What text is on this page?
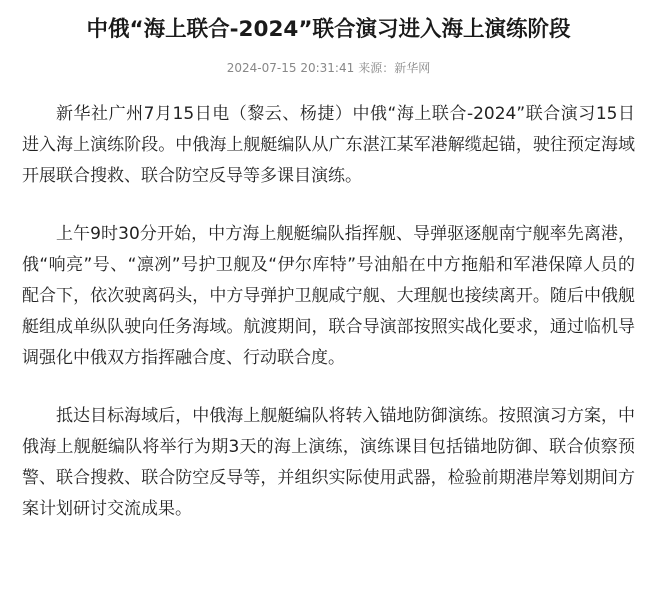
中俄“海上联合-2024”联合演习进入海上演练阶段
2024-07-15 20:31:41 来源：新华网

新华社广州7月15日电（黎云、杨捷）中俄“海上联合-2024”联合演习15日进入海上演练阶段。中俄海上舰艇编队从广东湛江某军港解缆起锚，驶往预定海域开展联合搜救、联合防空反导等多课目演练。

上午9时30分开始，中方海上舰艇编队指挥舰、导弹驱逐舰南宁舰率先离港，俄“响亮”号、“凛冽”号护卫舰及“伊尔库特”号油船在中方拖船和军港保障人员的配合下，依次驶离码头，中方导弹护卫舰咸宁舰、大理舰也接续离开。随后中俄舰艇组成单纵队驶向任务海域。航渡期间，联合导演部按照实战化要求，通过临机导调强化中俄双方指挥融合度、行动联合度。

抵达目标海域后，中俄海上舰艇编队将转入锚地防御演练。按照演习方案，中俄海上舰艇编队将举行为期3天的海上演练，演练课目包括锚地防御、联合侦察预警、联合搜救、联合防空反导等，并组织实际使用武器，检验前期港岸筹划期间方案计划研讨交流成果。
